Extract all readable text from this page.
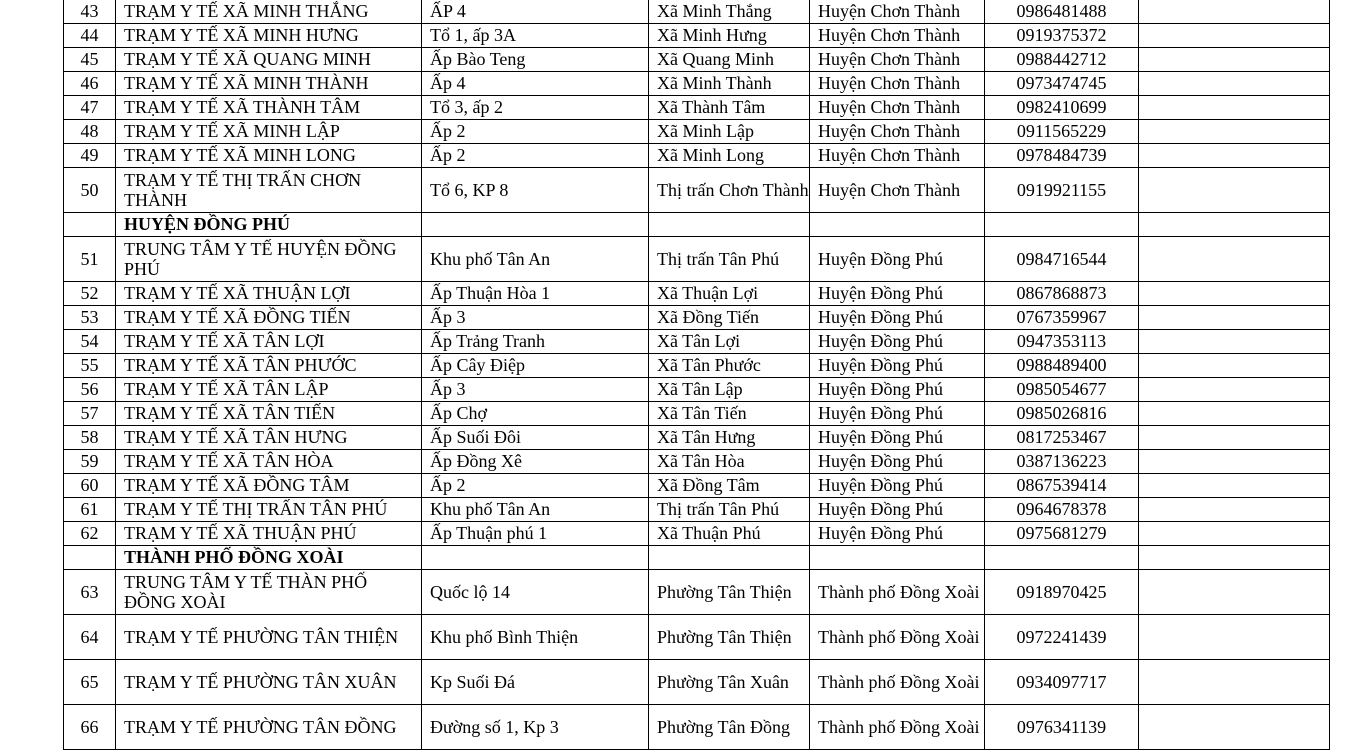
43	TRẠM Y TẾ XÃ MINH THẮNG	ẤP 4	Xã Minh Thắng	Huyện Chơn Thành	0986481488	
44	TRẠM Y TẾ XÃ MINH HƯNG	Tổ 1, ấp 3A	Xã Minh Hưng	Huyện Chơn Thành	0919375372	
45	TRẠM Y TẾ XÃ QUANG MINH	Ấp Bào Teng	Xã Quang Minh	Huyện Chơn Thành	0988442712	
46	TRẠM Y TẾ XÃ MINH THÀNH	Ấp 4	Xã Minh Thành	Huyện Chơn Thành	0973474745	
47	TRẠM Y TẾ XÃ THÀNH TÂM	Tổ 3, ấp 2	Xã Thành Tâm	Huyện Chơn Thành	0982410699	
48	TRẠM Y TẾ XÃ MINH LẬP	Ấp 2	Xã Minh Lập	Huyện Chơn Thành	0911565229	
49	TRẠM Y TẾ XÃ MINH LONG	Ấp 2	Xã Minh Long	Huyện Chơn Thành	0978484739	
50	TRẠM Y TẾ THỊ TRẤN CHƠN THÀNH	Tổ 6, KP 8	Thị trấn Chơn Thành	Huyện Chơn Thành	0919921155	
	HUYỆN ĐỒNG PHÚ					
51	TRUNG TÂM Y TẾ HUYỆN ĐỒNG PHÚ	Khu phố Tân An	Thị trấn Tân Phú	Huyện Đồng Phú	0984716544	
52	TRẠM Y TẾ XÃ THUẬN LỢI	Ấp Thuận Hòa 1	Xã Thuận Lợi	Huyện Đồng Phú	0867868873	
53	TRẠM Y TẾ XÃ ĐỒNG TIẾN	Ấp 3	Xã Đồng Tiến	Huyện Đồng Phú	0767359967	
54	TRẠM Y TẾ XÃ TÂN LỢI	Ấp Trảng Tranh	Xã Tân Lợi	Huyện Đồng Phú	0947353113	
55	TRẠM Y TẾ XÃ TÂN PHƯỚC	Ấp Cây Điệp	Xã Tân Phước	Huyện Đồng Phú	0988489400	
56	TRẠM Y TẾ XÃ TÂN LẬP	Ấp 3	Xã Tân Lập	Huyện Đồng Phú	0985054677	
57	TRẠM Y TẾ XÃ TÂN TIẾN	Ấp Chợ	Xã Tân Tiến	Huyện Đồng Phú	0985026816	
58	TRẠM Y TẾ XÃ TÂN HƯNG	Ấp Suối Đôi	Xã Tân Hưng	Huyện Đồng Phú	0817253467	
59	TRẠM Y TẾ XÃ TÂN HÒA	Ấp Đồng Xê	Xã Tân Hòa	Huyện Đồng Phú	0387136223	
60	TRẠM Y TẾ XÃ ĐỒNG TÂM	Ấp 2	Xã Đồng Tâm	Huyện Đồng Phú	0867539414	
61	TRẠM Y TẾ THỊ TRẤN TÂN PHÚ	Khu phố Tân An	Thị trấn Tân Phú	Huyện Đồng Phú	0964678378	
62	TRẠM Y TẾ XÃ THUẬN PHÚ	Ấp Thuận phú 1	Xã Thuận Phú	Huyện Đồng Phú	0975681279	
	THÀNH PHỐ ĐỒNG XOÀI					
63	TRUNG TÂM Y TẾ THÀN PHỐ ĐỒNG XOÀI	Quốc lộ 14	Phường Tân Thiện	Thành phố Đồng Xoài	0918970425	
64	TRẠM Y TẾ PHƯỜNG TÂN THIỆN	Khu phố Bình Thiện	Phường Tân Thiện	Thành phố Đồng Xoài	0972241439	
65	TRẠM Y TẾ PHƯỜNG TÂN XUÂN	Kp Suối Đá	Phường Tân Xuân	Thành phố Đồng Xoài	0934097717	
66	TRẠM Y TẾ PHƯỜNG TÂN ĐỒNG	Đường số 1, Kp 3	Phường Tân Đồng	Thành phố Đồng Xoài	0976341139	
